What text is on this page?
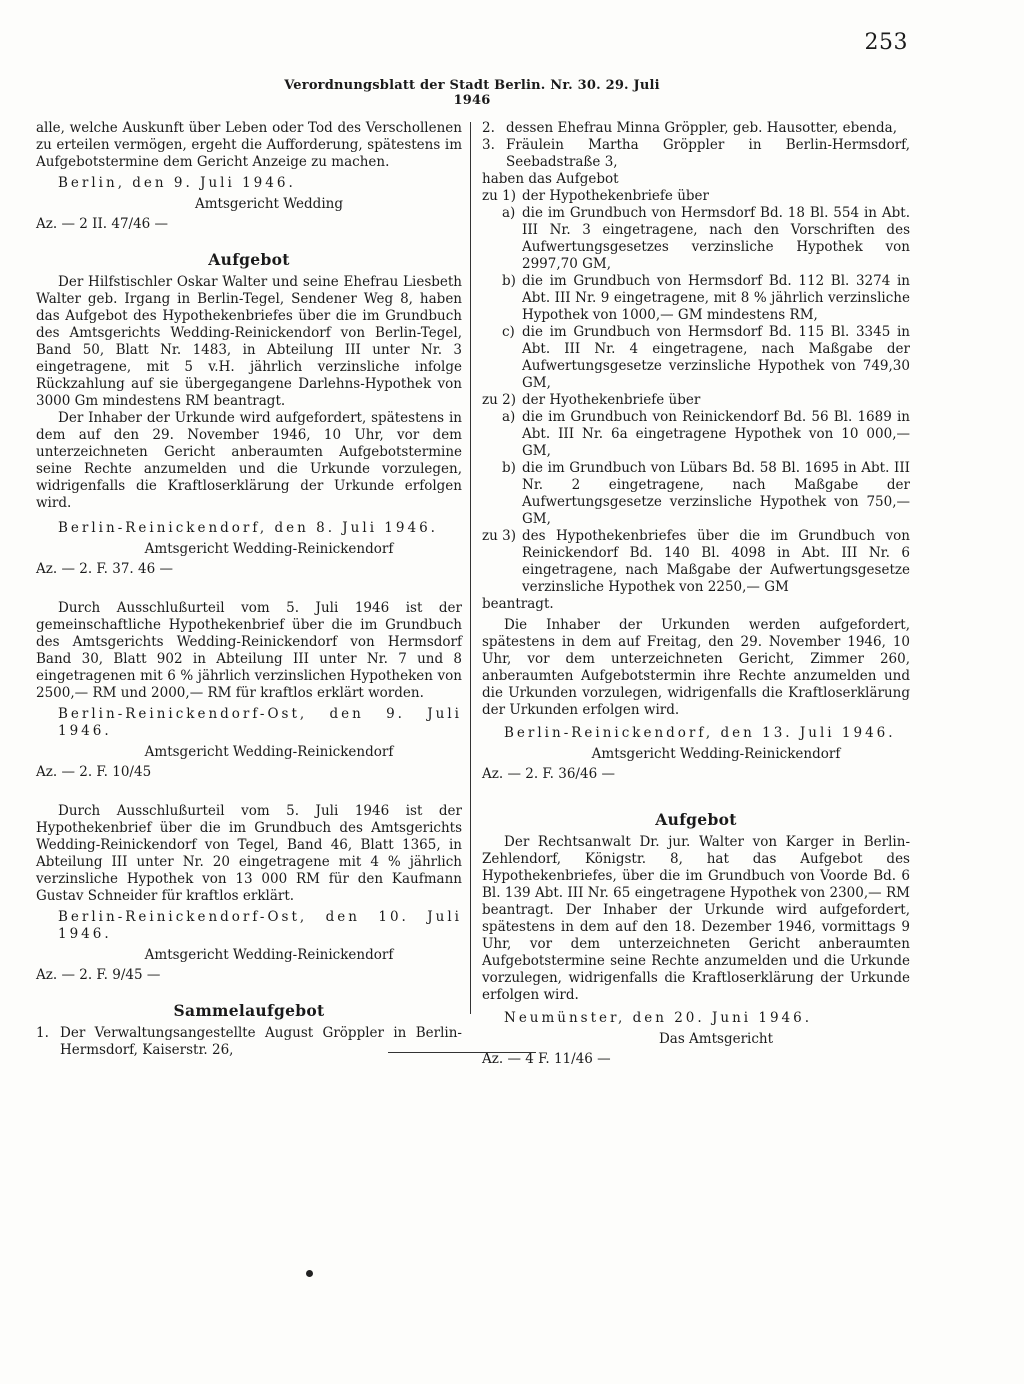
253
Verordnungsblatt der Stadt Berlin. Nr. 30. 29. Juli 1946

alle, welche Auskunft über Leben oder Tod des Verschollenen zu erteilen vermögen, ergeht die Aufforderung, spätestens im Aufgebotstermine dem Gericht Anzeige zu machen.

Berlin, den 9. Juli 1946.

Amtsgericht Wedding

Az. — 2 II. 47/46 —

Aufgebot

Der Hilfstischler Oskar Walter und seine Ehefrau Liesbeth Walter geb. Irgang in Berlin-Tegel, Sendener Weg 8, haben das Aufgebot des Hypothekenbriefes über die im Grundbuch des Amtsgerichts Wedding-Reinickendorf von Berlin-Tegel, Band 50, Blatt Nr. 1483, in Abteilung III unter Nr. 3 eingetragene, mit 5 v.H. jährlich verzinsliche infolge Rückzahlung auf sie übergegangene Darlehns-Hypothek von 3000 Gm mindestens RM beantragt.

Der Inhaber der Urkunde wird aufgefordert, spätestens in dem auf den 29. November 1946, 10 Uhr, vor dem unterzeichneten Gericht anberaumten Aufgebotstermine seine Rechte anzumelden und die Urkunde vorzulegen, widrigenfalls die Kraftloserklärung der Urkunde erfolgen wird.

Berlin-Reinickendorf, den 8. Juli 1946.

Amtsgericht Wedding-Reinickendorf

Az. — 2. F. 37. 46 —

Durch Ausschlußurteil vom 5. Juli 1946 ist der gemeinschaftliche Hypothekenbrief über die im Grundbuch des Amtsgerichts Wedding-Reinickendorf von Hermsdorf Band 30, Blatt 902 in Abteilung III unter Nr. 7 und 8 eingetragenen mit 6 % jährlich verzinslichen Hypotheken von 2500,— RM und 2000,— RM für kraftlos erklärt worden.

Berlin-Reinickendorf-Ost, den 9. Juli 1946.

Amtsgericht Wedding-Reinickendorf

Az. — 2. F. 10/45

Durch Ausschlußurteil vom 5. Juli 1946 ist der Hypothekenbrief über die im Grundbuch des Amtsgerichts Wedding-Reinickendorf von Tegel, Band 46, Blatt 1365, in Abteilung III unter Nr. 20 eingetragene mit 4 % jährlich verzinsliche Hypothek von 13 000 RM für den Kaufmann Gustav Schneider für kraftlos erklärt.

Berlin-Reinickendorf-Ost, den 10. Juli 1946.

Amtsgericht Wedding-Reinickendorf

Az. — 2. F. 9/45 —

Sammelaufgebot
1. Der Verwaltungsangestellte August Gröppler in Berlin-Hermsdorf, Kaiserstr. 26,
2. dessen Ehefrau Minna Gröppler, geb. Hausotter, ebenda,
3. Fräulein Martha Gröppler in Berlin-Hermsdorf, Seebadstraße 3,

haben das Aufgebot

zu 1) der Hypothekenbriefe über
a) die im Grundbuch von Hermsdorf Bd. 18 Bl. 554 in Abt. III Nr. 3 eingetragene, nach den Vorschriften des Aufwertungsgesetzes verzinsliche Hypothek von 2997,70 GM,
b) die im Grundbuch von Hermsdorf Bd. 112 Bl. 3274 in Abt. III Nr. 9 eingetragene, mit 8 % jährlich verzinsliche Hypothek von 1000,— GM mindestens RM,
c) die im Grundbuch von Hermsdorf Bd. 115 Bl. 3345 in Abt. III Nr. 4 eingetragene, nach Maßgabe der Aufwertungsgesetze verzinsliche Hypothek von 749,30 GM,
zu 2) der Hyothekenbriefe über
a) die im Grundbuch von Reinickendorf Bd. 56 Bl. 1689 in Abt. III Nr. 6a eingetragene Hypothek von 10 000,— GM,
b) die im Grundbuch von Lübars Bd. 58 Bl. 1695 in Abt. III Nr. 2 eingetragene, nach Maßgabe der Aufwertungsgesetze verzinsliche Hypothek von 750,— GM,
zu 3) des Hypothekenbriefes über die im Grundbuch von Reinickendorf Bd. 140 Bl. 4098 in Abt. III Nr. 6 eingetragene, nach Maßgabe der Aufwertungsgesetze verzinsliche Hypothek von 2250,— GM

beantragt.

Die Inhaber der Urkunden werden aufgefordert, spätestens in dem auf Freitag, den 29. November 1946, 10 Uhr, vor dem unterzeichneten Gericht, Zimmer 260, anberaumten Aufgebotstermin ihre Rechte anzumelden und die Urkunden vorzulegen, widrigenfalls die Kraftloserklärung der Urkunden erfolgen wird.

Berlin-Reinickendorf, den 13. Juli 1946.

Amtsgericht Wedding-Reinickendorf

Az. — 2. F. 36/46 —

Aufgebot

Der Rechtsanwalt Dr. jur. Walter von Karger in Berlin-Zehlendorf, Königstr. 8, hat das Aufgebot des Hypothekenbriefes, über die im Grundbuch von Voorde Bd. 6 Bl. 139 Abt. III Nr. 65 eingetragene Hypothek von 2300,— RM beantragt. Der Inhaber der Urkunde wird aufgefordert, spätestens in dem auf den 18. Dezember 1946, vormittags 9 Uhr, vor dem unterzeichneten Gericht anberaumten Aufgebotstermine seine Rechte anzumelden und die Urkunde vorzulegen, widrigenfalls die Kraftloserklärung der Urkunde erfolgen wird.

Neumünster, den 20. Juni 1946.

Das Amtsgericht

Az. — 4 F. 11/46 —
